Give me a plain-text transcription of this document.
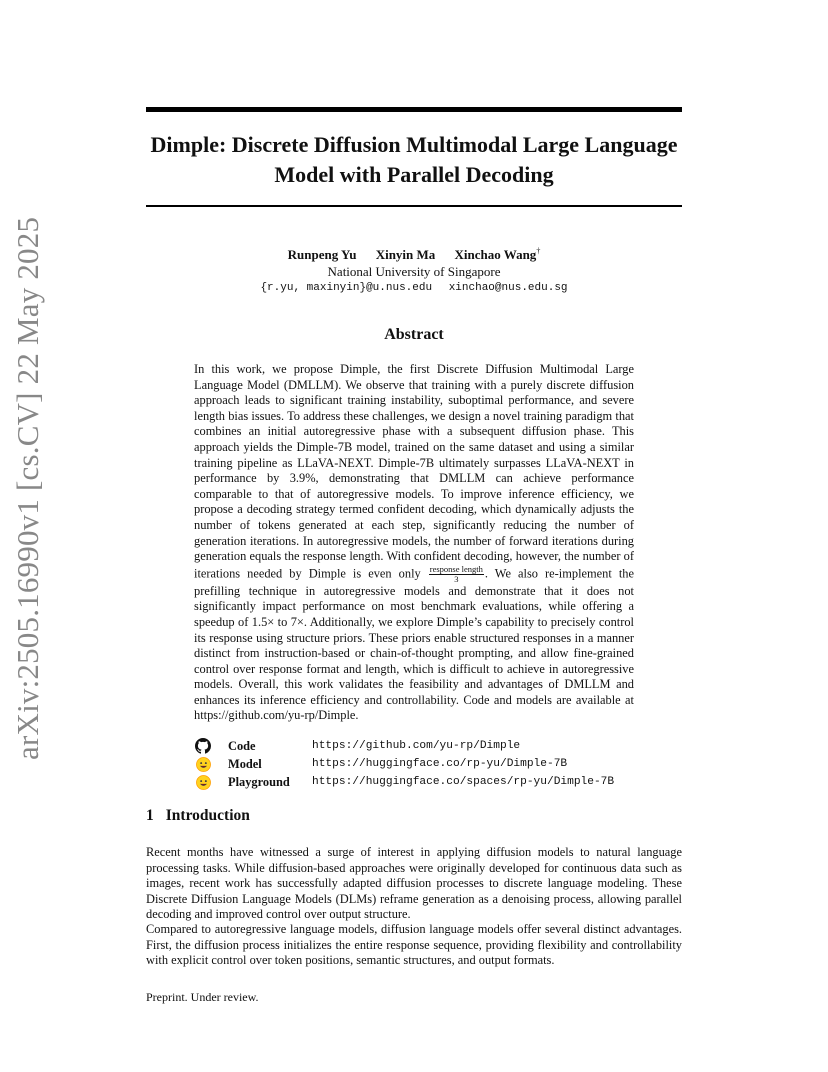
arXiv:2505.16990v1 [cs.CV] 22 May 2025
Dimple: Discrete Diffusion Multimodal Large Language Model with Parallel Decoding
Runpeng Yu Xinyin Ma Xinchao Wang†
National University of Singapore
{r.yu, maxinyin}@u.nus.edu xinchao@nus.edu.sg
Abstract

In this work, we propose Dimple, the first Discrete Diffusion Multimodal Large Language Model (DMLLM). We observe that training with a purely discrete diffusion approach leads to significant training instability, suboptimal performance, and severe length bias issues. To address these challenges, we design a novel training paradigm that combines an initial autoregressive phase with a subsequent diffusion phase. This approach yields the Dimple-7B model, trained on the same dataset and using a similar training pipeline as LLaVA-NEXT. Dimple-7B ultimately surpasses LLaVA-NEXT in performance by 3.9%, demonstrating that DMLLM can achieve performance comparable to that of autoregressive models. To improve inference efficiency, we propose a decoding strategy termed confident decoding, which dynamically adjusts the number of tokens generated at each step, significantly reducing the number of generation iterations. In autoregressive models, the number of forward iterations during generation equals the response length. With confident decoding, however, the number of iterations needed by Dimple is even only $\frac{\text{response length}}{3}$ . We also re-implement the prefilling technique in autoregressive models and demonstrate that it does not significantly impact performance on most benchmark evaluations, while offering a speedup of 1.5× to 7×. Additionally, we explore Dimple’s capability to precisely control its response using structure priors. These priors enable structured responses in a manner distinct from instruction-based or chain-of-thought prompting, and allow fine-grained control over response format and length, which is difficult to achieve in autoregressive models. Overall, this work validates the feasibility and advantages of DMLLM and enhances its inference efficiency and controllability. Code and models are available at https://github.com/yu-rp/Dimple.

Code	https://github.com/yu-rp/Dimple
Model	https://huggingface.co/rp-yu/Dimple-7B
Playground	https://huggingface.co/spaces/rp-yu/Dimple-7B
1 Introduction

Recent months have witnessed a surge of interest in applying diffusion models to natural language processing tasks. While diffusion-based approaches were originally developed for continuous data such as images, recent work has successfully adapted diffusion processes to discrete language modeling. These Discrete Diffusion Language Models (DLMs) reframe generation as a denoising process, allowing parallel decoding and improved control over output structure.

Compared to autoregressive language models, diffusion language models offer several distinct advantages. First, the diffusion process initializes the entire response sequence, providing flexibility and controllability with explicit control over token positions, semantic structures, and output formats.

Preprint. Under review.
